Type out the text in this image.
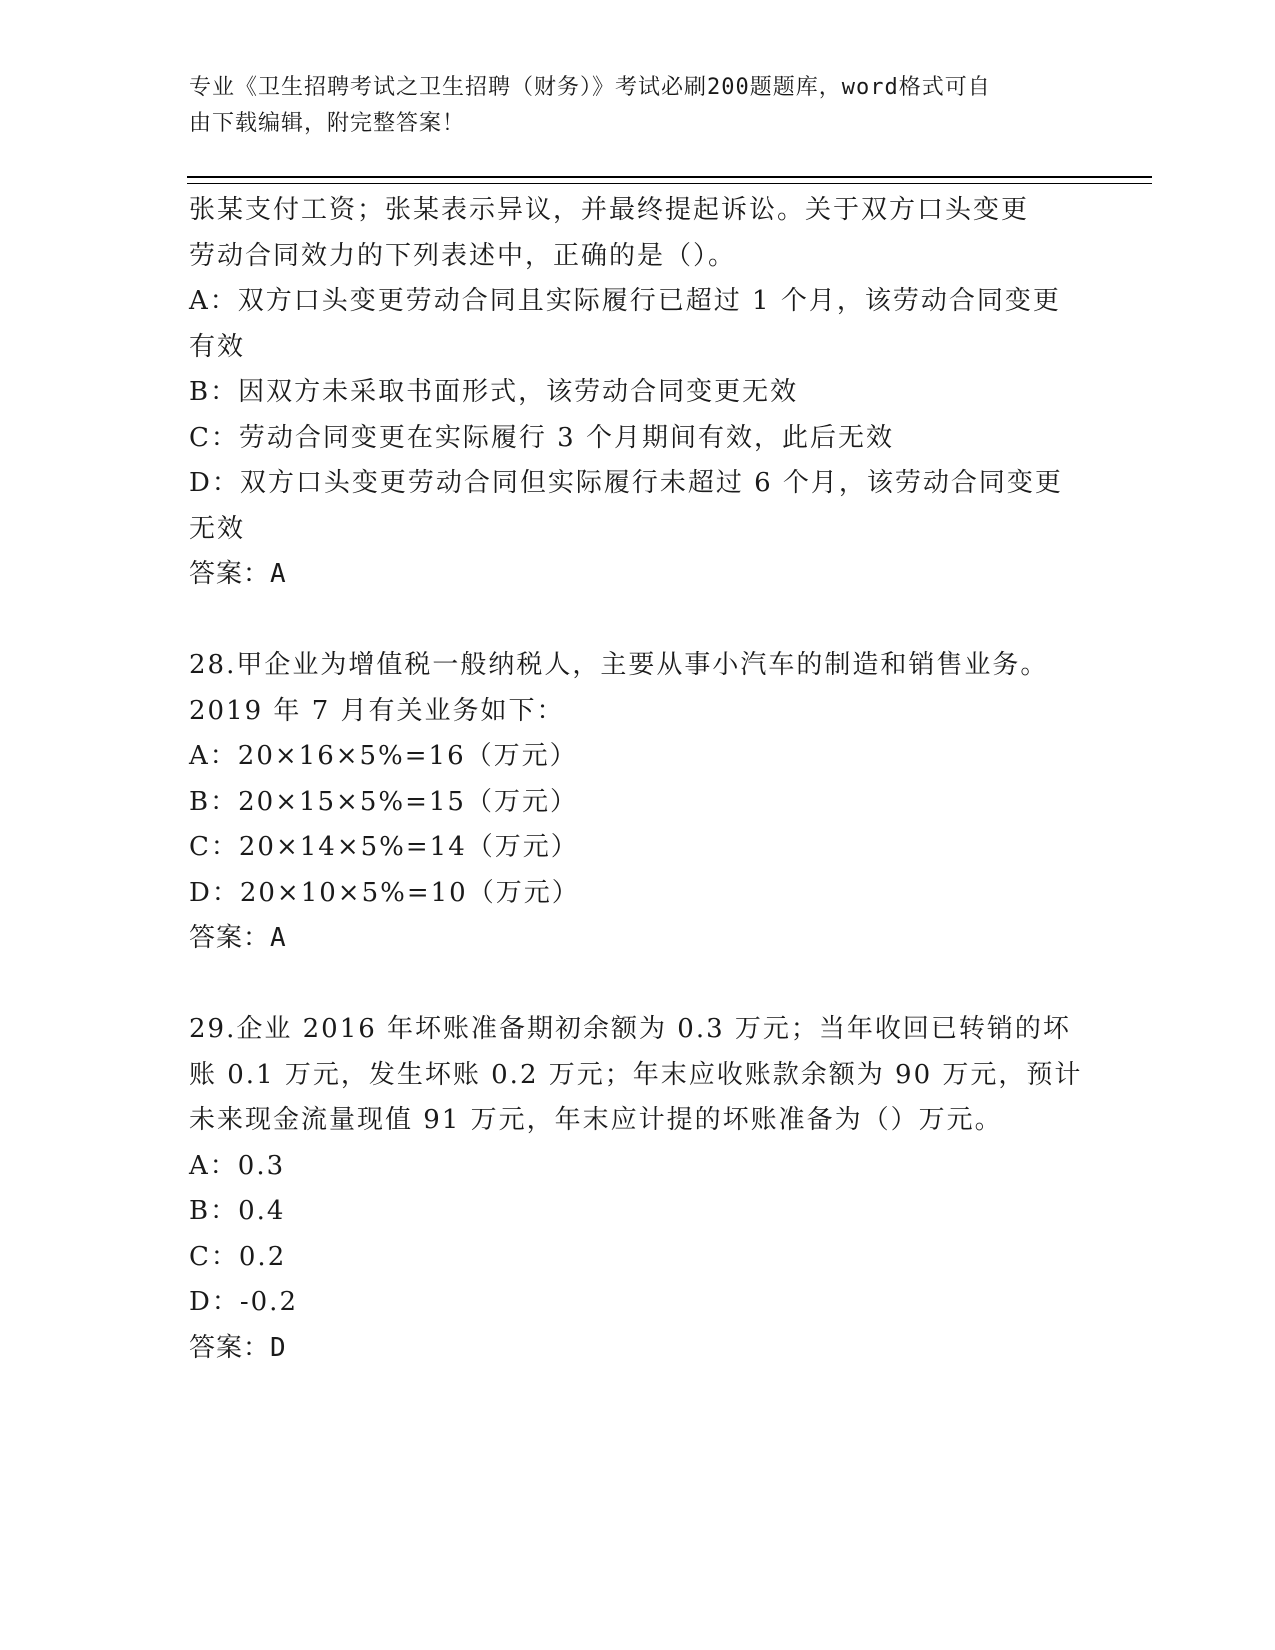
专业《卫生招聘考试之卫生招聘（财务）》考试必刷200题题库，word格式可自
由下载编辑，附完整答案！
张某支付工资；张某表示异议，并最终提起诉讼。关于双方口头变更
劳动合同效力的下列表述中，正确的是（）。
A：双方口头变更劳动合同且实际履行已超过 1 个月，该劳动合同变更
有效
B：因双方未采取书面形式，该劳动合同变更无效
C：劳动合同变更在实际履行 3 个月期间有效，此后无效
D：双方口头变更劳动合同但实际履行未超过 6 个月，该劳动合同变更
无效
答案：A
28.甲企业为增值税一般纳税人，主要从事小汽车的制造和销售业务。
2019 年 7 月有关业务如下：
A：20×16×5%=16（万元）
B：20×15×5%=15（万元）
C：20×14×5%=14（万元）
D：20×10×5%=10（万元）
答案：A
29.企业 2016 年坏账准备期初余额为 0.3 万元；当年收回已转销的坏
账 0.1 万元，发生坏账 0.2 万元；年末应收账款余额为 90 万元，预计
未来现金流量现值 91 万元，年末应计提的坏账准备为（）万元。
A：0.3
B：0.4
C：0.2
D：-0.2
答案：D
